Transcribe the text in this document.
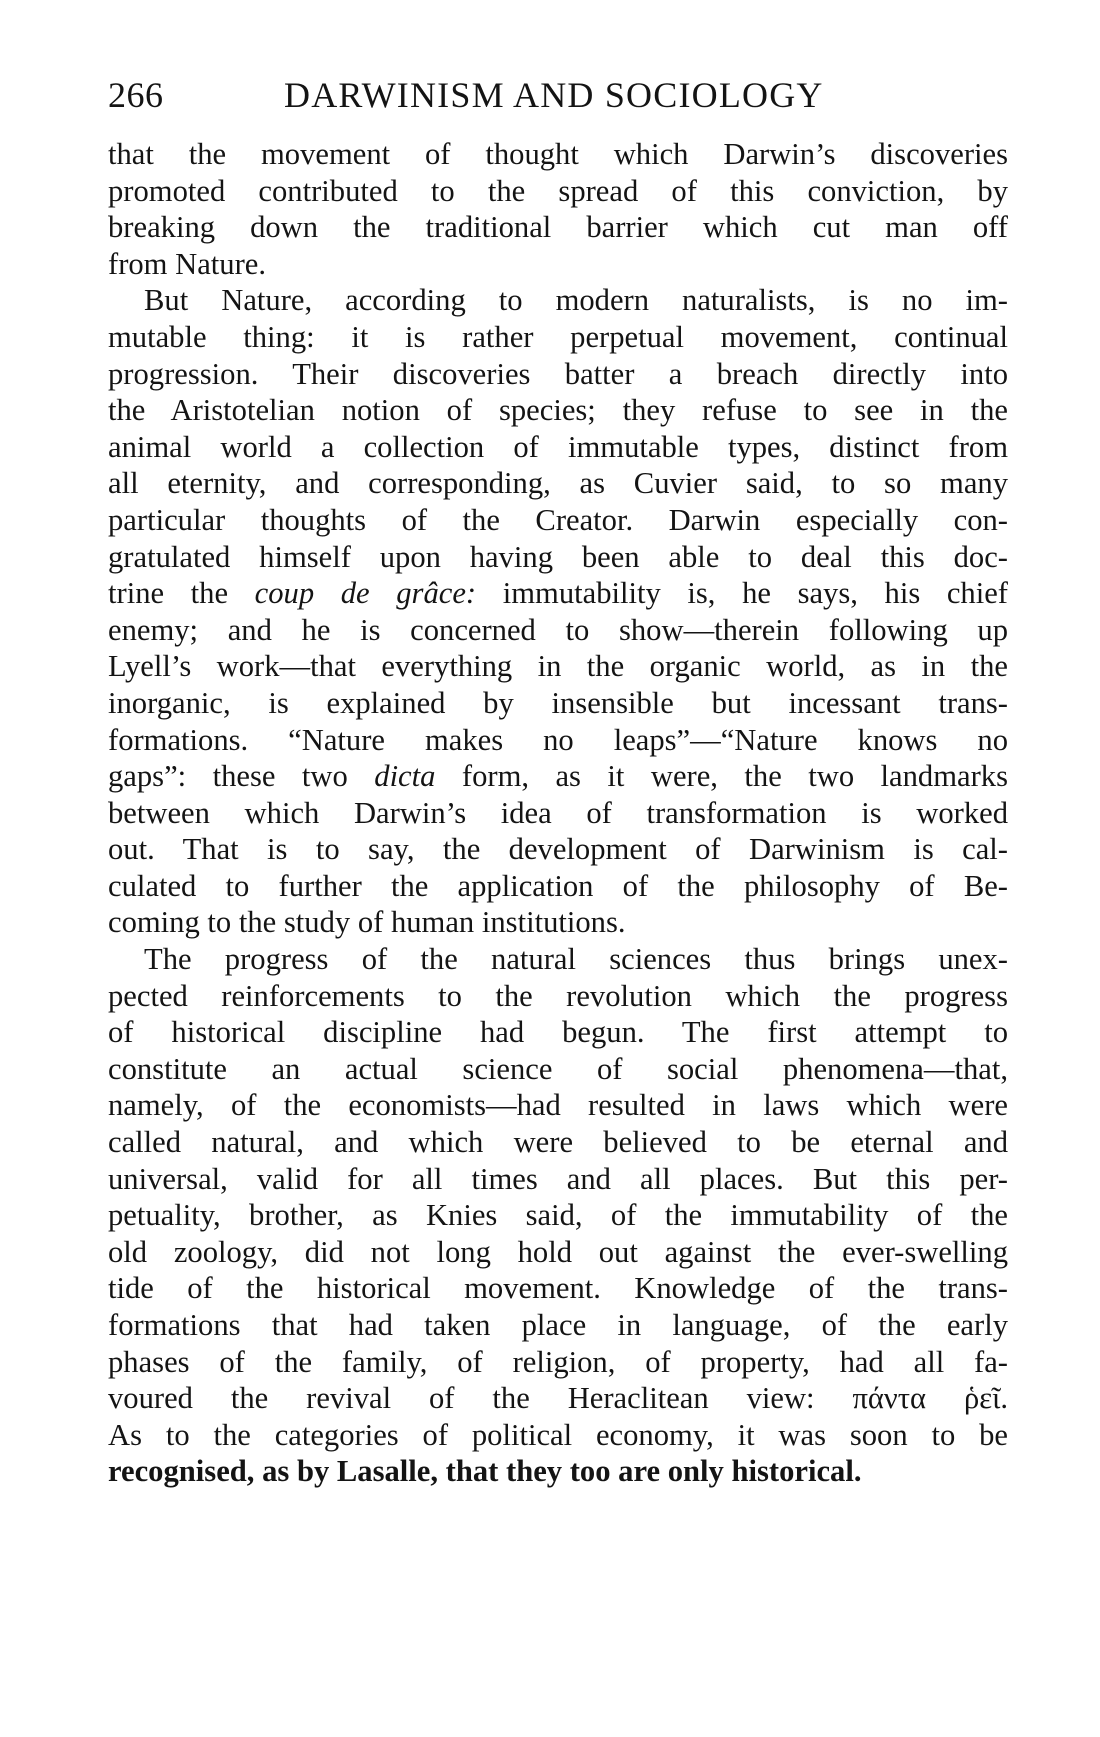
266	DARWINISM AND SOCIOLOGY

that the movement of thought which Darwin’s discoveries
promoted contributed to the spread of this conviction, by
breaking down the traditional barrier which cut man off
from Nature.

But Nature, according to modern naturalists, is no im-
mutable thing: it is rather perpetual movement, continual
progression. Their discoveries batter a breach directly into
the Aristotelian notion of species; they refuse to see in the
animal world a collection of immutable types, distinct from
all eternity, and corresponding, as Cuvier said, to so many
particular thoughts of the Creator. Darwin especially con-
gratulated himself upon having been able to deal this doc-
trine the coup de grâce: immutability is, he says, his chief
enemy; and he is concerned to show—therein following up
Lyell’s work—that everything in the organic world, as in the
inorganic, is explained by insensible but incessant trans-
formations. “Nature makes no leaps”—“Nature knows no
gaps”: these two dicta form, as it were, the two landmarks
between which Darwin’s idea of transformation is worked
out. That is to say, the development of Darwinism is cal-
culated to further the application of the philosophy of Be-
coming to the study of human institutions.

The progress of the natural sciences thus brings unex-
pected reinforcements to the revolution which the progress
of historical discipline had begun. The first attempt to
constitute an actual science of social phenomena—that,
namely, of the economists—had resulted in laws which were
called natural, and which were believed to be eternal and
universal, valid for all times and all places. But this per-
petuality, brother, as Knies said, of the immutability of the
old zoology, did not long hold out against the ever-swelling
tide of the historical movement. Knowledge of the trans-
formations that had taken place in language, of the early
phases of the family, of religion, of property, had all fa-
voured the revival of the Heraclitean view: πάντα ῥεῖ.
As to the categories of political economy, it was soon to be
recognised, as by Lasalle, that they too are only historical.
